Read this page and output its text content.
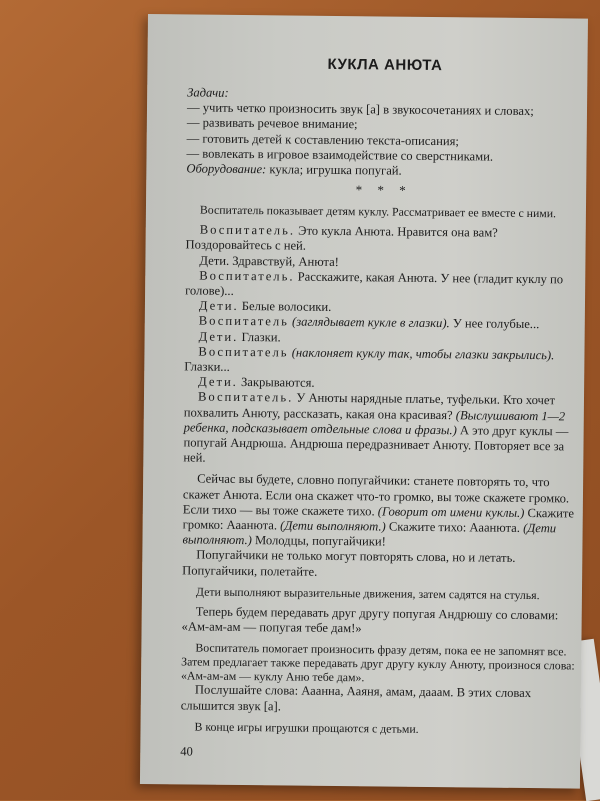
КУКЛА АНЮТА

Задачи:

— учить четко произносить звук [а] в звукосочетаниях и словах;

— развивать речевое внимание;

— готовить детей к составлению текста-описания;

— вовлекать в игровое взаимодействие со сверстниками.

Оборудование: кукла; игрушка попугай.

* * *

Воспитатель показывает детям куклу. Рассматривает ее вместе с ними.

Воспитатель. Это кукла Анюта. Нравится она вам? Поздоровайтесь с ней.

Дети. Здравствуй, Анюта!

Воспитатель. Расскажите, какая Анюта. У нее (гладит куклу по голове)...

Дети. Белые волосики.

Воспитатель (заглядывает кукле в глазки). У нее голубые...

Дети. Глазки.

Воспитатель (наклоняет куклу так, чтобы глазки закрылись). Глазки...

Дети. Закрываются.

Воспитатель. У Анюты нарядные платье, туфельки. Кто хочет похвалить Анюту, рассказать, какая она красивая? (Выслушивают 1—2 ребенка, подсказывает отдельные слова и фразы.) А это друг куклы — попугай Андрюша. Андрюша передразнивает Анюту. Повторяет все за ней.

Сейчас вы будете, словно попугайчики: станете повторять то, что скажет Анюта. Если она скажет что-то громко, вы тоже скажете громко. Если тихо — вы тоже скажете тихо. (Говорит от имени куклы.) Скажите громко: Ааанюта. (Дети выполняют.) Скажите тихо: Ааанюта. (Дети выполняют.) Молодцы, попугайчики!

Попугайчики не только могут повторять слова, но и летать. Попугайчики, полетайте.

Дети выполняют выразительные движения, затем садятся на стулья.

Теперь будем передавать друг другу попугая Андрюшу со словами: «Ам-ам-ам — попугая тебе дам!»

Воспитатель помогает произносить фразу детям, пока ее не запомнят все. Затем предлагает также передавать друг другу куклу Анюту, произнося слова: «Ам-ам-ам — куклу Аню тебе дам».

Послушайте слова: Ааанна, Ааяня, амам, дааам. В этих словах слышится звук [а].

В конце игры игрушки прощаются с детьми.

40
